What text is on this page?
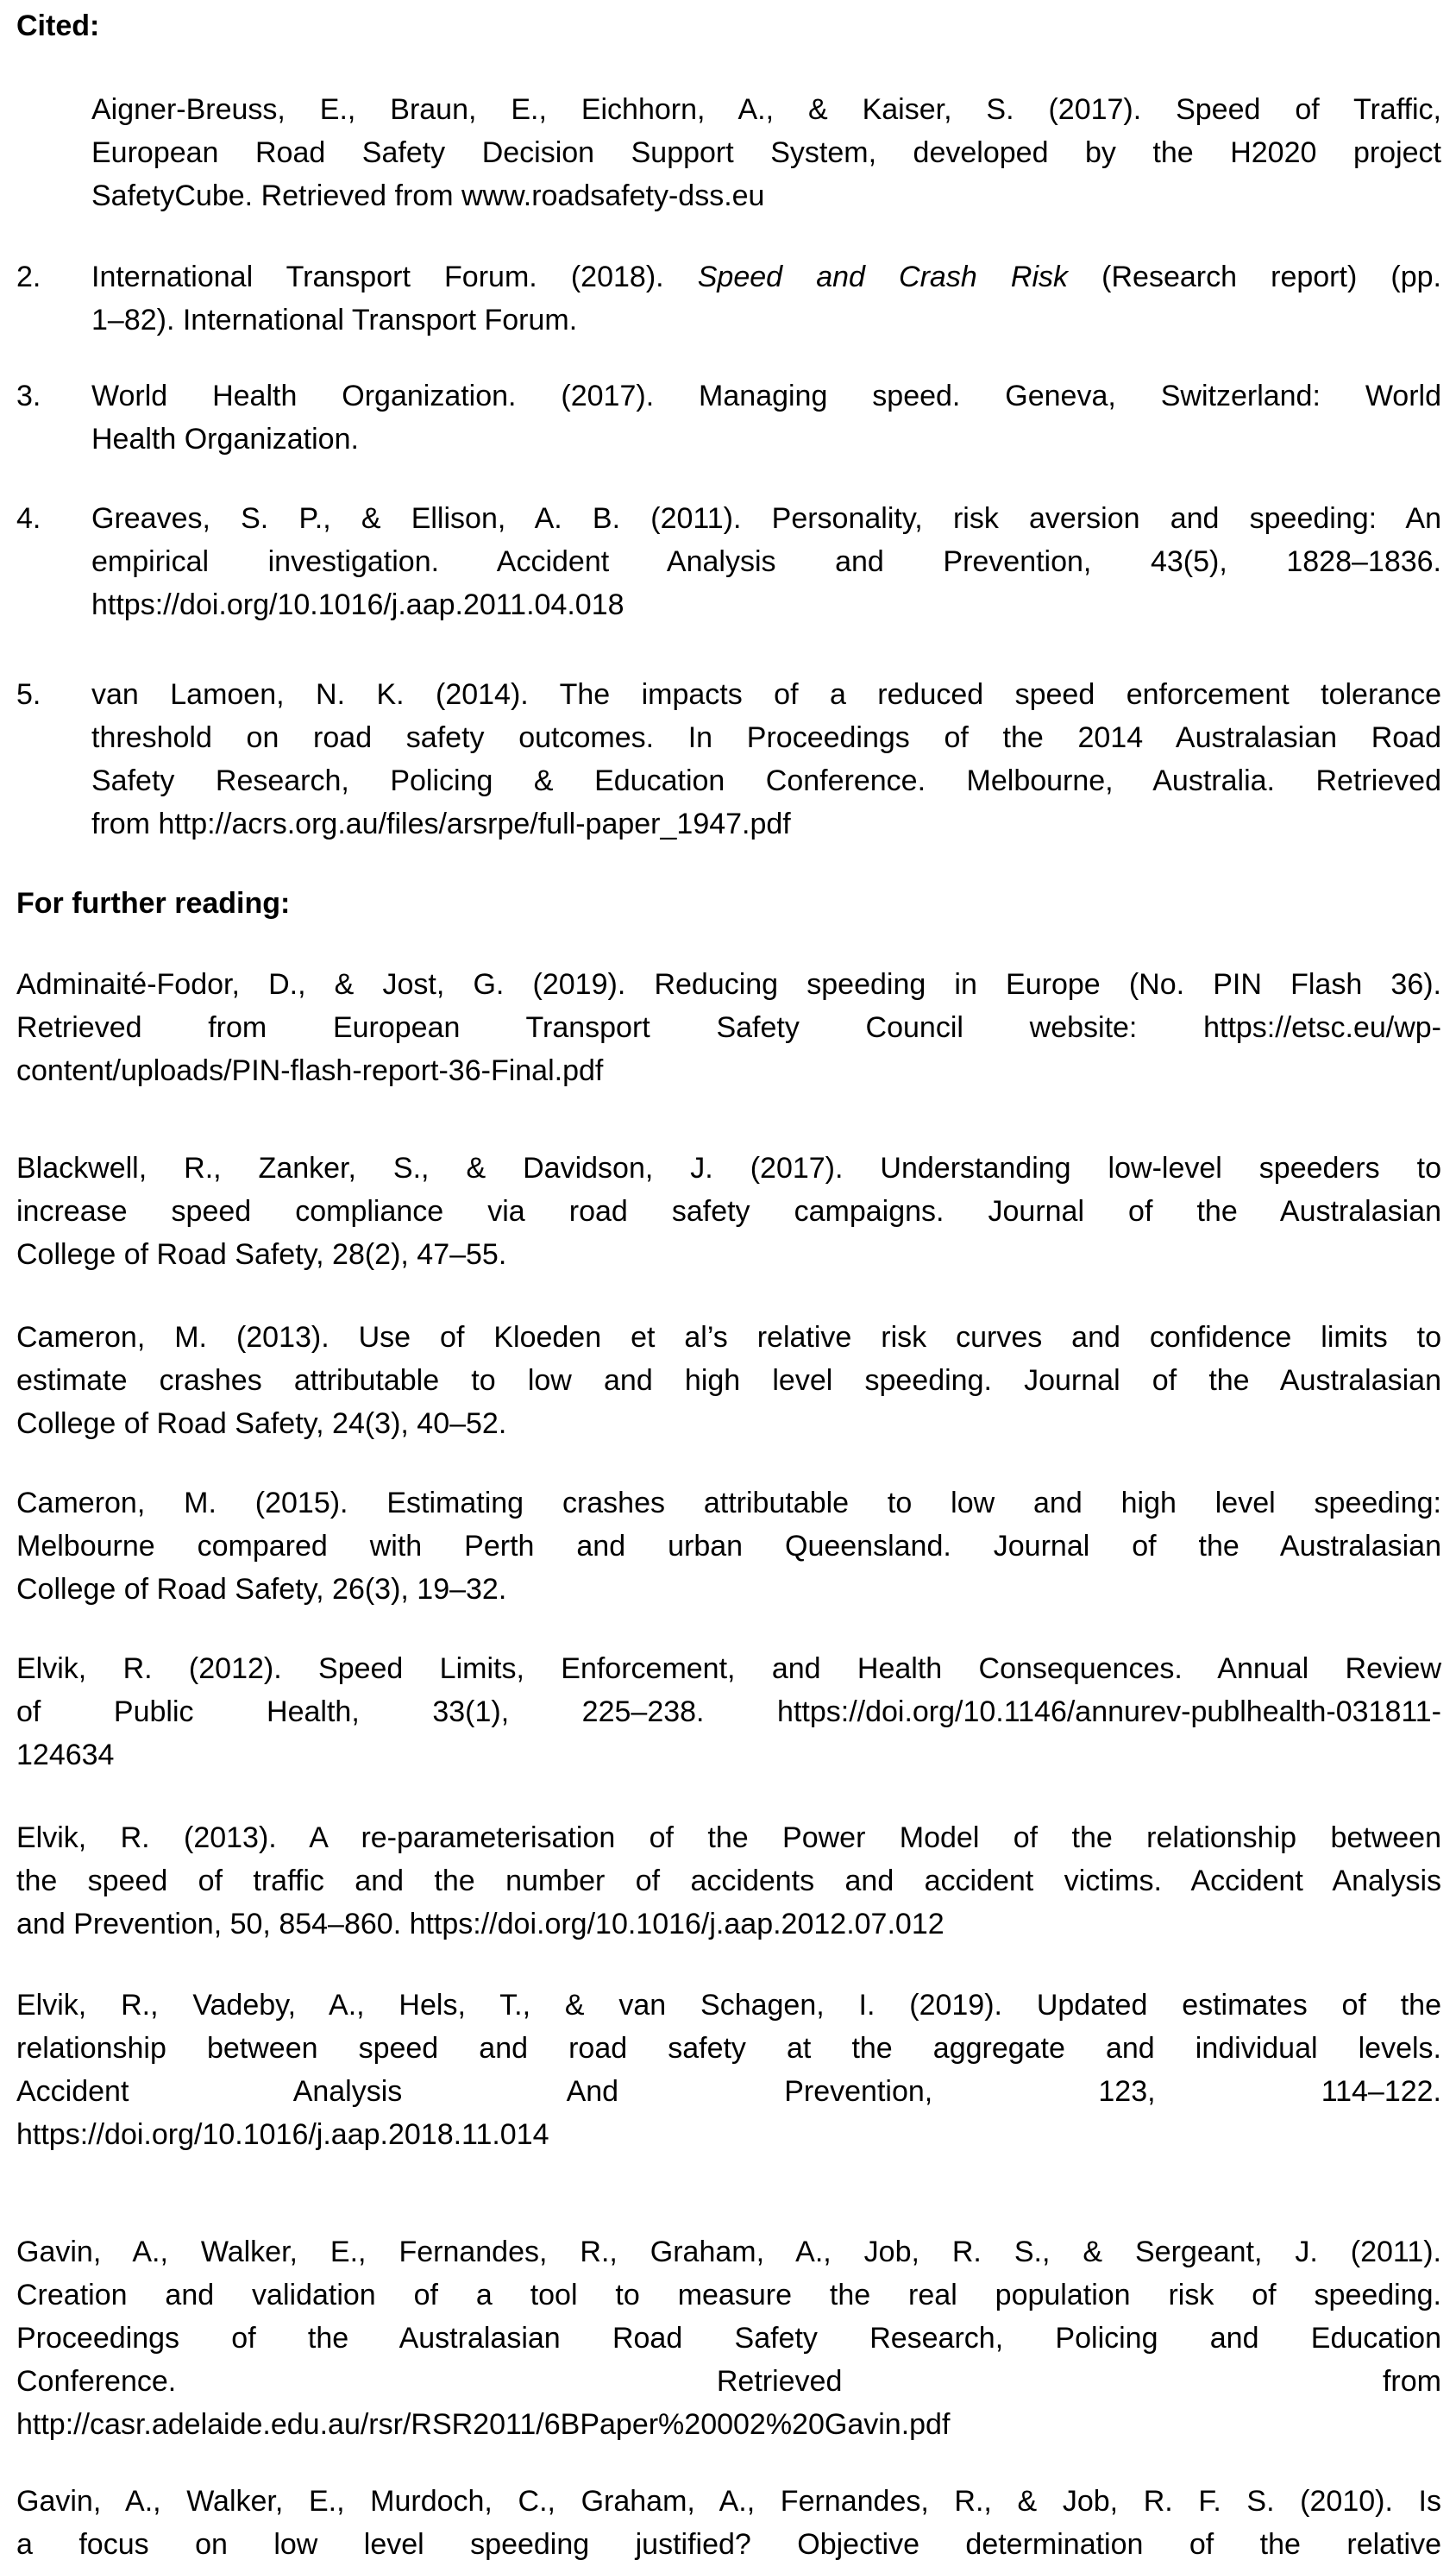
Cited:
For further reading:
Aigner-Breuss, E., Braun, E., Eichhorn, A., & Kaiser, S. (2017). Speed of Traffic,
European Road Safety Decision Support System, developed by the H2020 project
SafetyCube. Retrieved from www.roadsafety-dss.eu
2. International Transport Forum. (2018). Speed and Crash Risk (Research report) (pp.
1–82). International Transport Forum.
3. World Health Organization. (2017). Managing speed. Geneva, Switzerland: World
Health Organization.
4. Greaves, S. P., & Ellison, A. B. (2011). Personality, risk aversion and speeding: An
empirical investigation. Accident Analysis and Prevention, 43(5), 1828–1836.
https://doi.org/10.1016/j.aap.2011.04.018
5. van Lamoen, N. K. (2014). The impacts of a reduced speed enforcement tolerance
threshold on road safety outcomes. In Proceedings of the 2014 Australasian Road
Safety Research, Policing & Education Conference. Melbourne, Australia. Retrieved
from http://acrs.org.au/files/arsrpe/full-paper_1947.pdf
Adminaité-Fodor, D., & Jost, G. (2019). Reducing speeding in Europe (No. PIN Flash 36).
Retrieved from European Transport Safety Council website: https://etsc.eu/wp-
content/uploads/PIN-flash-report-36-Final.pdf
Blackwell, R., Zanker, S., & Davidson, J. (2017). Understanding low-level speeders to
increase speed compliance via road safety campaigns. Journal of the Australasian
College of Road Safety, 28(2), 47–55.
Cameron, M. (2013). Use of Kloeden et al’s relative risk curves and confidence limits to
estimate crashes attributable to low and high level speeding. Journal of the Australasian
College of Road Safety, 24(3), 40–52.
Cameron, M. (2015). Estimating crashes attributable to low and high level speeding:
Melbourne compared with Perth and urban Queensland. Journal of the Australasian
College of Road Safety, 26(3), 19–32.
Elvik, R. (2012). Speed Limits, Enforcement, and Health Consequences. Annual Review
of Public Health, 33(1), 225–238. https://doi.org/10.1146/annurev-publhealth-031811-
124634
Elvik, R. (2013). A re-parameterisation of the Power Model of the relationship between
the speed of traffic and the number of accidents and accident victims. Accident Analysis
and Prevention, 50, 854–860. https://doi.org/10.1016/j.aap.2012.07.012
Elvik, R., Vadeby, A., Hels, T., & van Schagen, I. (2019). Updated estimates of the
relationship between speed and road safety at the aggregate and individual levels.
Accident Analysis And Prevention, 123, 114–122.
https://doi.org/10.1016/j.aap.2018.11.014
Gavin, A., Walker, E., Fernandes, R., Graham, A., Job, R. S., & Sergeant, J. (2011).
Creation and validation of a tool to measure the real population risk of speeding.
Proceedings of the Australasian Road Safety Research, Policing and Education
Conference. Retrieved from
http://casr.adelaide.edu.au/rsr/RSR2011/6BPaper%20002%20Gavin.pdf
Gavin, A., Walker, E., Murdoch, C., Graham, A., Fernandes, R., & Job, R. F. S. (2010). Is
a focus on low level speeding justified? Objective determination of the relative
